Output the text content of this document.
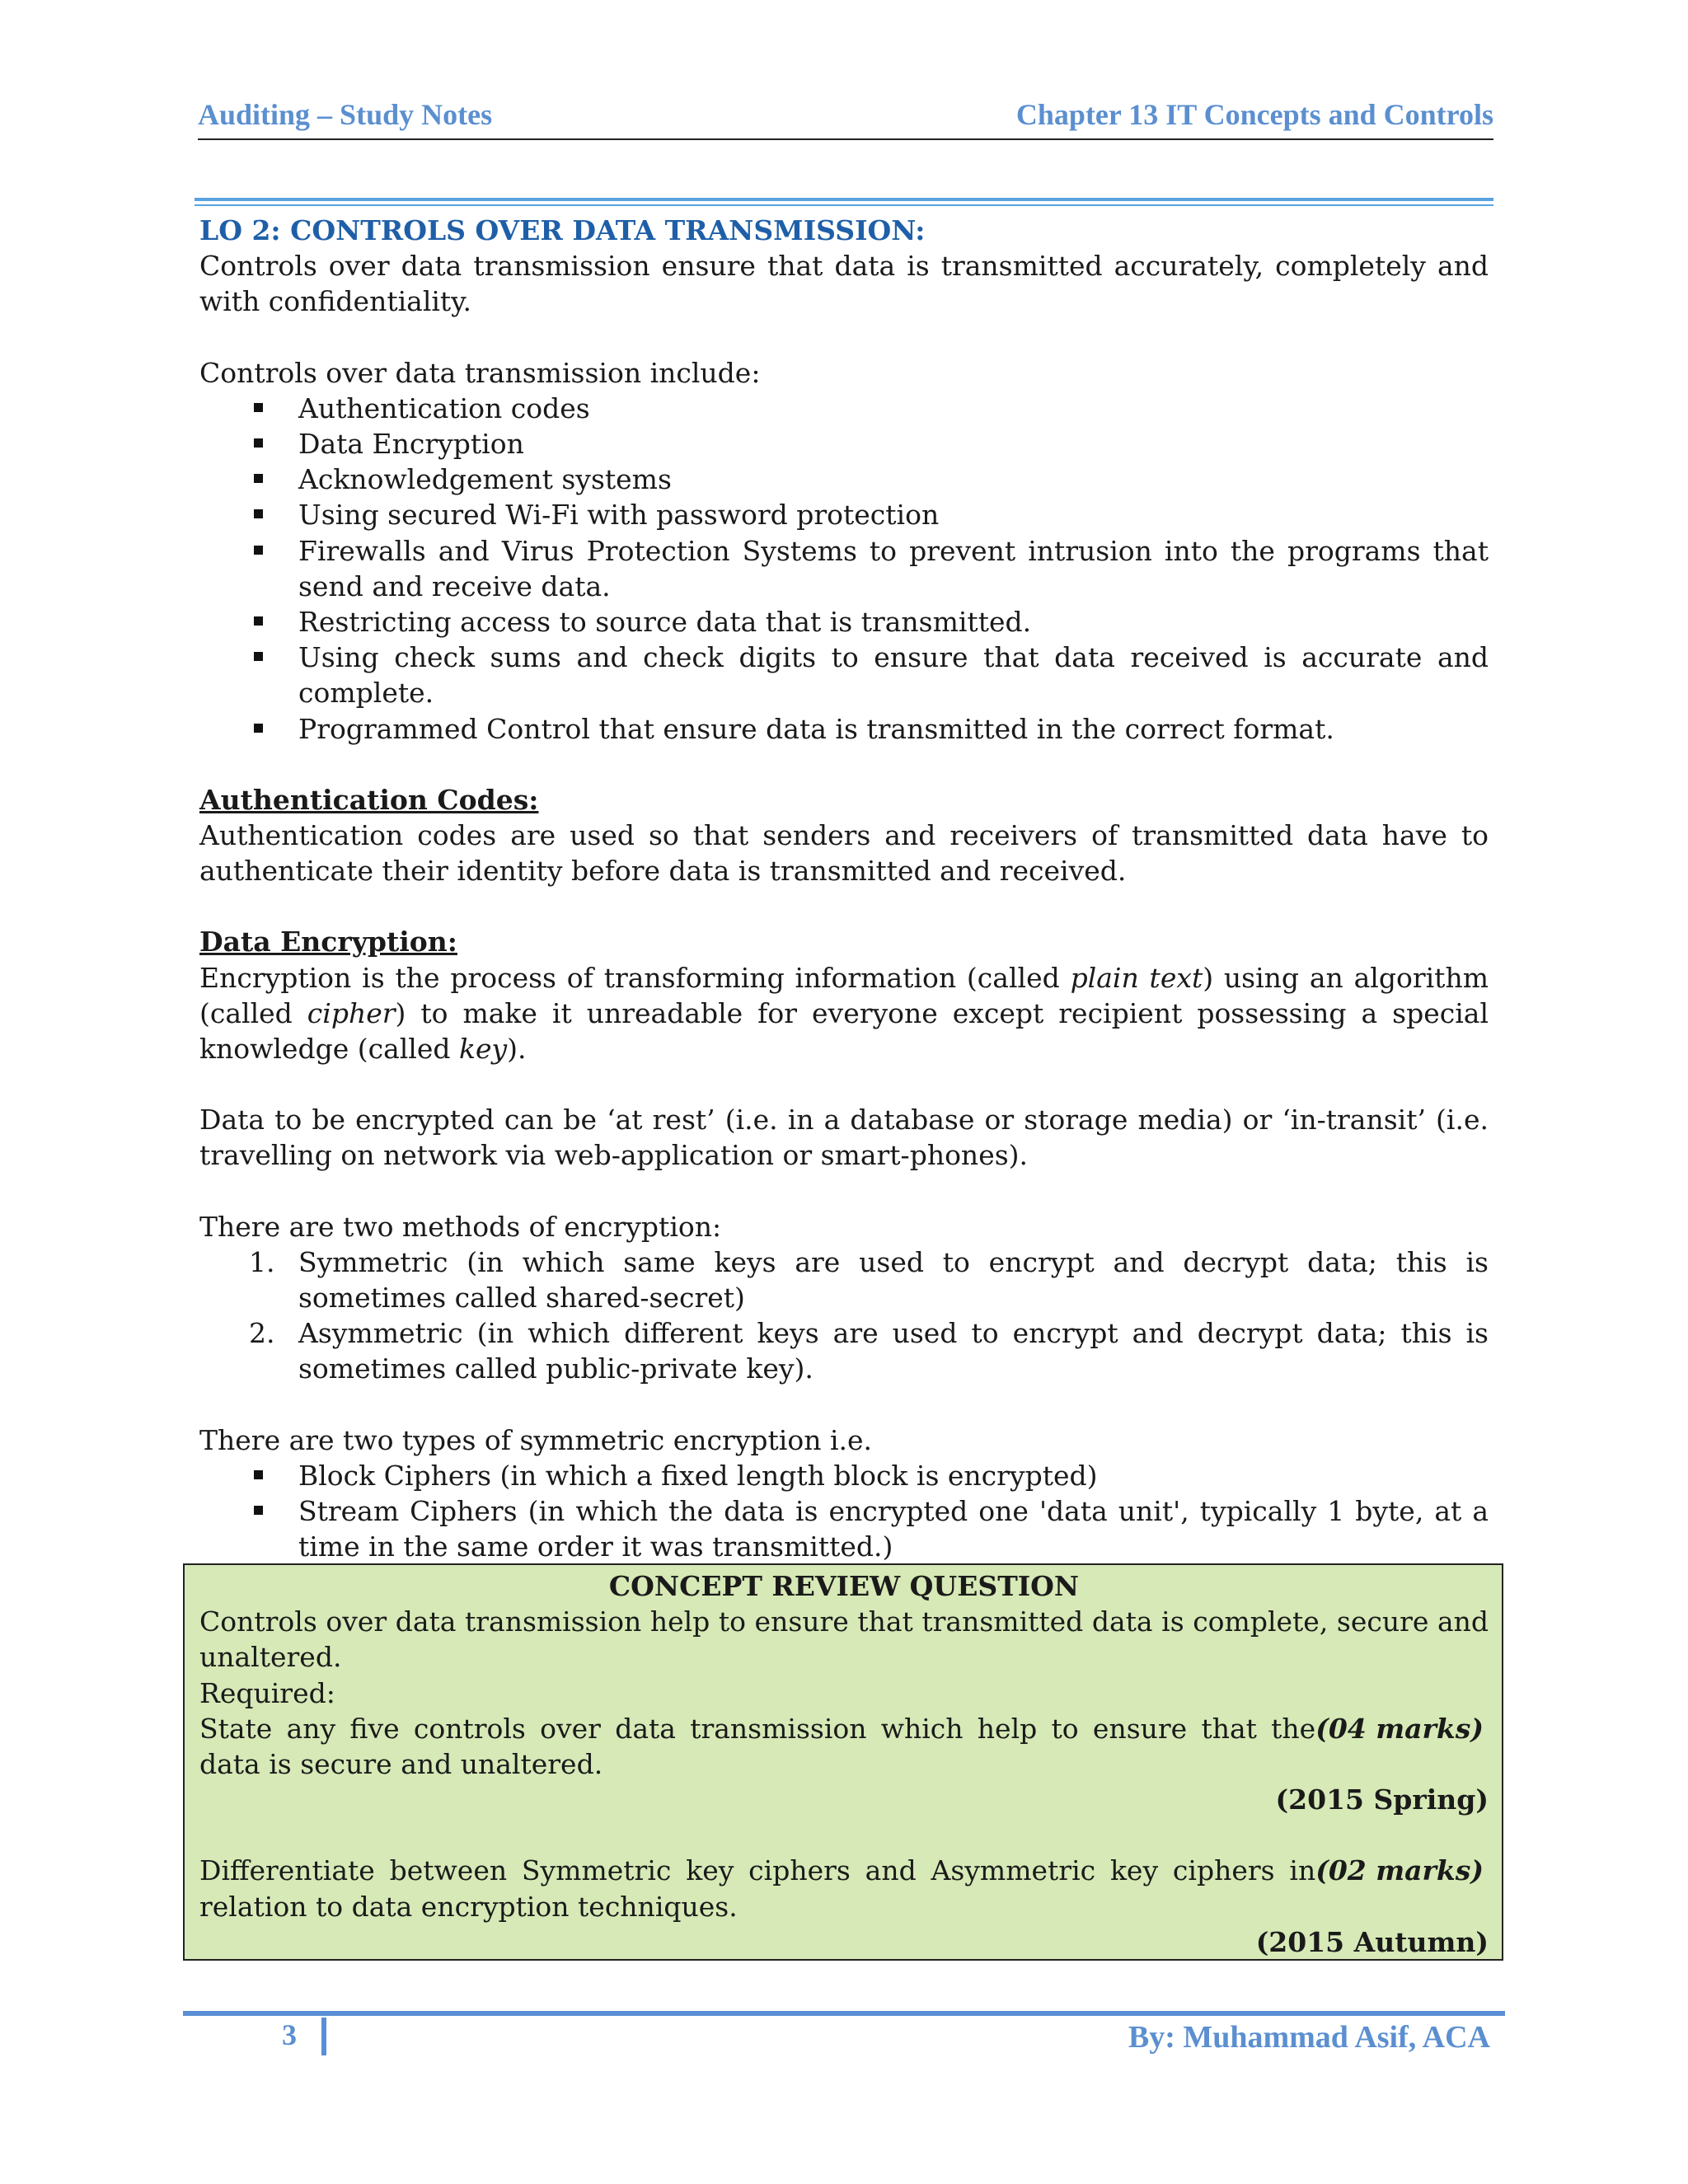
Auditing – Study Notes	Chapter 13 IT Concepts and Controls

LO 2: CONTROLS OVER DATA TRANSMISSION:

Controls over data transmission ensure that data is transmitted accurately, completely and with confidentiality.

Controls over data transmission include:

Authentication codes
Data Encryption
Acknowledgement systems
Using secured Wi-Fi with password protection
Firewalls and Virus Protection Systems to prevent intrusion into the programs that send and receive data.
Restricting access to source data that is transmitted.
Using check sums and check digits to ensure that data received is accurate and complete.
Programmed Control that ensure data is transmitted in the correct format.

Authentication Codes:

Authentication codes are used so that senders and receivers of transmitted data have to authenticate their identity before data is transmitted and received.

Data Encryption:

Encryption is the process of transforming information (called plain text) using an algorithm (called cipher) to make it unreadable for everyone except recipient possessing a special knowledge (called key).

Data to be encrypted can be ‘at rest’ (i.e. in a database or storage media) or ‘in-transit’ (i.e. travelling on network via web-application or smart-phones).

There are two methods of encryption:

1. Symmetric (in which same keys are used to encrypt and decrypt data; this is sometimes called shared-secret)
2. Asymmetric (in which different keys are used to encrypt and decrypt data; this is sometimes called public-private key).

There are two types of symmetric encryption i.e.

Block Ciphers (in which a fixed length block is encrypted)
Stream Ciphers (in which the data is encrypted one 'data unit', typically 1 byte, at a time in the same order it was transmitted.)

CONCEPT REVIEW QUESTION

Controls over data transmission help to ensure that transmitted data is complete, secure and unaltered.

Required:

(04 marks)
State any five controls over data transmission which help to ensure that the data is secure and unaltered.

(2015 Spring)

(02 marks)
Differentiate between Symmetric key ciphers and Asymmetric key ciphers in relation to data encryption techniques.

(2015 Autumn)

3	By: Muhammad Asif, ACA
